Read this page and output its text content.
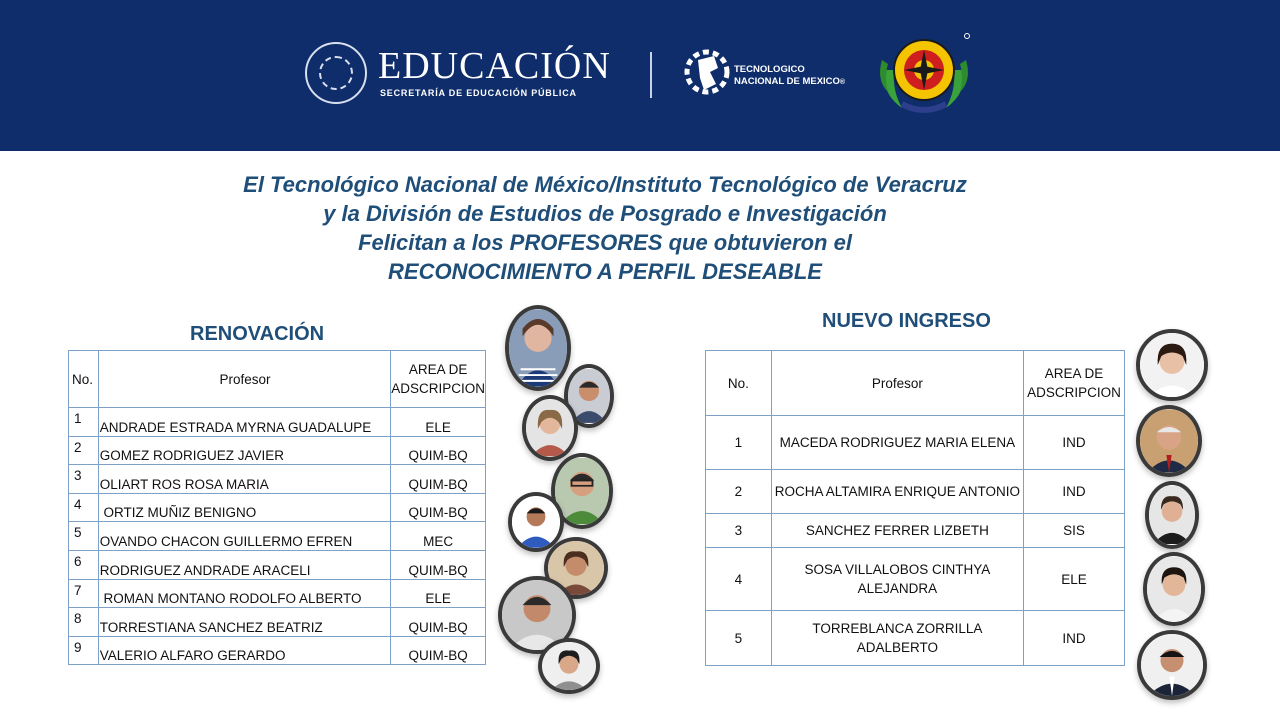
EDUCACIÓN
SECRETARÍA DE EDUCACIÓN PÚBLICA
TECNOLOGICO
NACIONAL DE MEXICO®
El Tecnológico Nacional de México/Instituto Tecnológico de Veracruz
y la División de Estudios de Posgrado e Investigación
Felicitan a los PROFESORES que obtuvieron el
RECONOCIMIENTO A PERFIL DESEABLE
RENOVACIÓN
No.	Profesor	AREA DE
ADSCRIPCION
1	ANDRADE ESTRADA MYRNA GUADALUPE	ELE
2	GOMEZ RODRIGUEZ JAVIER	QUIM-BQ
3	OLIART ROS ROSA MARIA	QUIM-BQ
4	ORTIZ MUÑIZ BENIGNO	QUIM-BQ
5	OVANDO CHACON GUILLERMO EFREN	MEC
6	RODRIGUEZ ANDRADE ARACELI	QUIM-BQ
7	ROMAN MONTANO RODOLFO ALBERTO	ELE
8	TORRESTIANA SANCHEZ BEATRIZ	QUIM-BQ
9	VALERIO ALFARO GERARDO	QUIM-BQ
NUEVO INGRESO
No.	Profesor	AREA DE
ADSCRIPCION
1	MACEDA RODRIGUEZ MARIA ELENA	IND
2	ROCHA ALTAMIRA ENRIQUE ANTONIO	IND
3	SANCHEZ FERRER LIZBETH	SIS
4	SOSA VILLALOBOS CINTHYA
ALEJANDRA	ELE
5	TORREBLANCA ZORRILLA ADALBERTO	IND
